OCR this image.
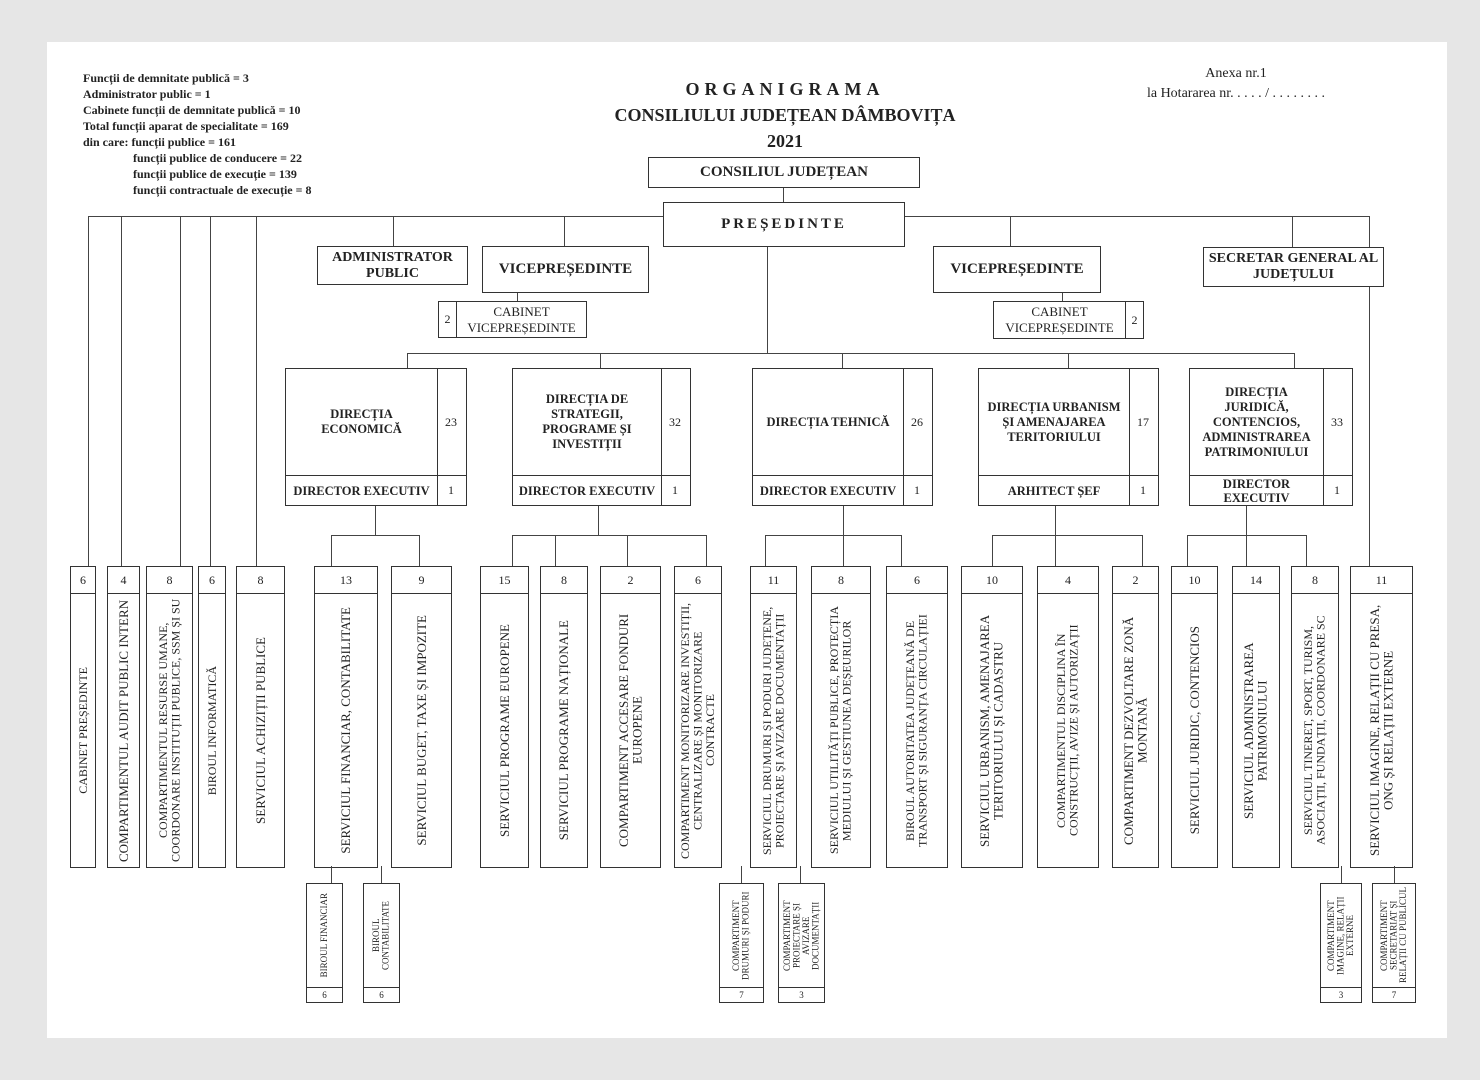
Funcții de demnitate publică = 3
Administrator public = 1
Cabinete funcții de demnitate publică = 10
Total funcții aparat de specialitate = 169
din care: funcții publice = 161
funcții publice de conducere = 22
funcții publice de execuție = 139
funcții contractuale de execuție = 8
Anexa nr.1
la Hotararea nr. . . . . / . . . . . . . .
ORGANIGRAMA
CONSILIULUI JUDEȚEAN DÂMBOVIȚA
2021
CONSILIUL JUDEȚEAN
PREȘEDINTE
ADMINISTRATOR PUBLIC	VICEPREȘEDINTE	VICEPREȘEDINTE
SECRETAR GENERAL AL JUDEȚULUI
2
CABINET VICEPREȘEDINTE
CABINET VICEPREȘEDINTE
2
DIRECȚIA ECONOMICĂ
23
DIRECTOR EXECUTIV	1
DIRECȚIA DE STRATEGII, PROGRAME ȘI INVESTIȚII
32
DIRECTOR EXECUTIV	1
DIRECȚIA TEHNICĂ	26
DIRECTOR EXECUTIV	1
DIRECȚIA URBANISM ȘI AMENAJAREA TERITORIULUI
17
ARHITECT ȘEF	1
DIRECȚIA JURIDICĂ, CONTENCIOS, ADMINISTRAREA PATRIMONIULUI
33
DIRECTOR EXECUTIV
1
6
CABINET PREȘEDINTE
4
COMPARTIMENTUL AUDIT PUBLIC INTERN
8
COMPARTIMENTUL RESURSE UMANE, COORDONARE INSTITUȚII PUBLICE, SSM ȘI SU
6
BIROUL INFORMATICĂ
8
SERVICIUL ACHIZIȚII PUBLICE
13
SERVICIUL FINANCIAR, CONTABILITATE
9
SERVICIUL BUGET, TAXE ȘI IMPOZITE
15
SERVICIUL PROGRAME EUROPENE
8
SERVICIUL PROGRAME NAȚIONALE
2
COMPARTIMENT ACCESARE FONDURI EUROPENE
6
COMPARTIMENT MONITORIZARE INVESTIȚII, CENTRALIZARE ȘI MONITORIZARE CONTRACTE
11
SERVICIUL DRUMURI ȘI PODURI JUDEȚENE, PROIECTARE ȘI AVIZARE DOCUMENTAȚII
8
SERVICIUL UTILITĂȚI PUBLICE, PROTECȚIA MEDIULUI ȘI GESTIUNEA DEȘEURILOR
6
BIROUL AUTORITATEA JUDEȚEANĂ DE TRANSPORT ȘI SIGURANȚA CIRCULAȚIEI
10
SERVICIUL URBANISM, AMENAJAREA TERITORIULUI ȘI CADASTRU
4
COMPARTIMENTUL DISCIPLINA ÎN CONSTRUCȚII, AVIZE ȘI AUTORIZAȚII
2
COMPARTIMENT DEZVOLTARE ZONĂ MONTANĂ
10
SERVICIUL JURIDIC, CONTENCIOS
14
SERVICIUL ADMINISTRAREA PATRIMONIULUI
8
SERVICIUL TINERET, SPORT, TURISM, ASOCIAȚII, FUNDAȚII, COORDONARE SC
11
SERVICIUL IMAGINE, RELAȚII CU PRESA, ONG ȘI RELAȚII EXTERNE
BIROUL FINANCIAR
6
BIROUL CONTABILITATE
6
COMPARTIMENT DRUMURI ȘI PODURI
7
COMPARTIMENT PROIECTARE ȘI AVIZARE DOCUMENTAȚII
3
COMPARTIMENT IMAGINE, RELAȚII EXTERNE
3
COMPARTIMENT SECRETARIAT ȘI RELAȚII CU PUBLICUL
7
